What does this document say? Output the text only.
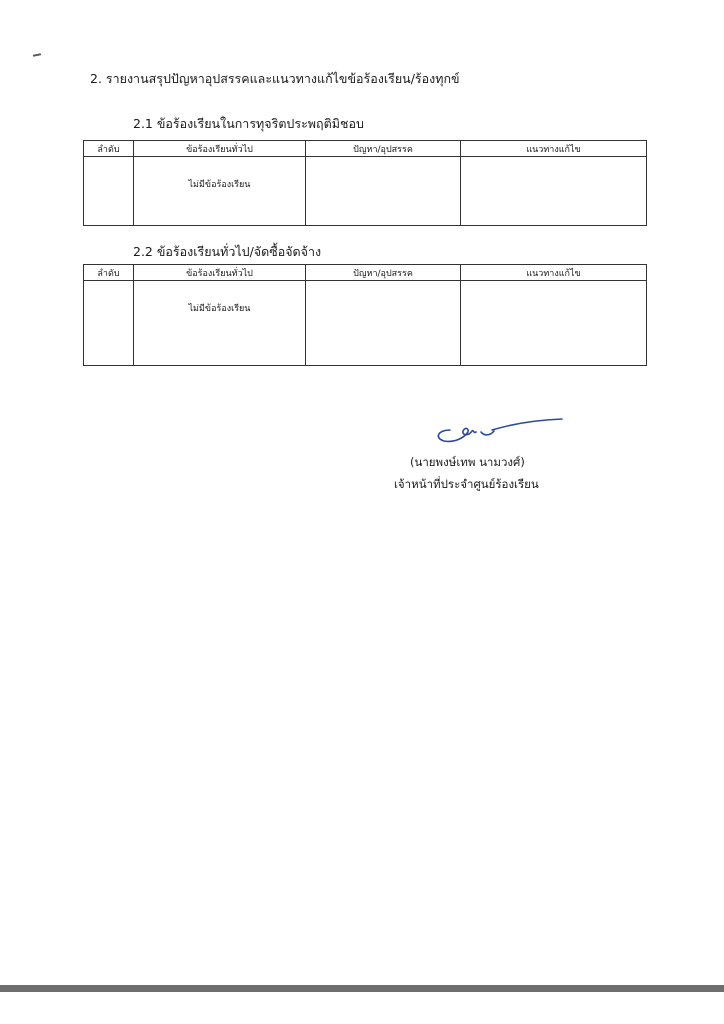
2. รายงานสรุปปัญหาอุปสรรคและแนวทางแก้ไขข้อร้องเรียน/ร้องทุกข์
2.1 ข้อร้องเรียนในการทุจริตประพฤติมิชอบ
ลำดับ	ข้อร้องเรียนทั่วไป	ปัญหา/อุปสรรค	แนวทางแก้ไข

	ไม่มีข้อร้องเรียน		

2.2 ข้อร้องเรียนทั่วไป/จัดซื้อจัดจ้าง
ลำดับ	ข้อร้องเรียนทั่วไป	ปัญหา/อุปสรรค	แนวทางแก้ไข

	ไม่มีข้อร้องเรียน		

(นายพงษ์เทพ นามวงศ์)
เจ้าหน้าที่ประจำศูนย์ร้องเรียน
